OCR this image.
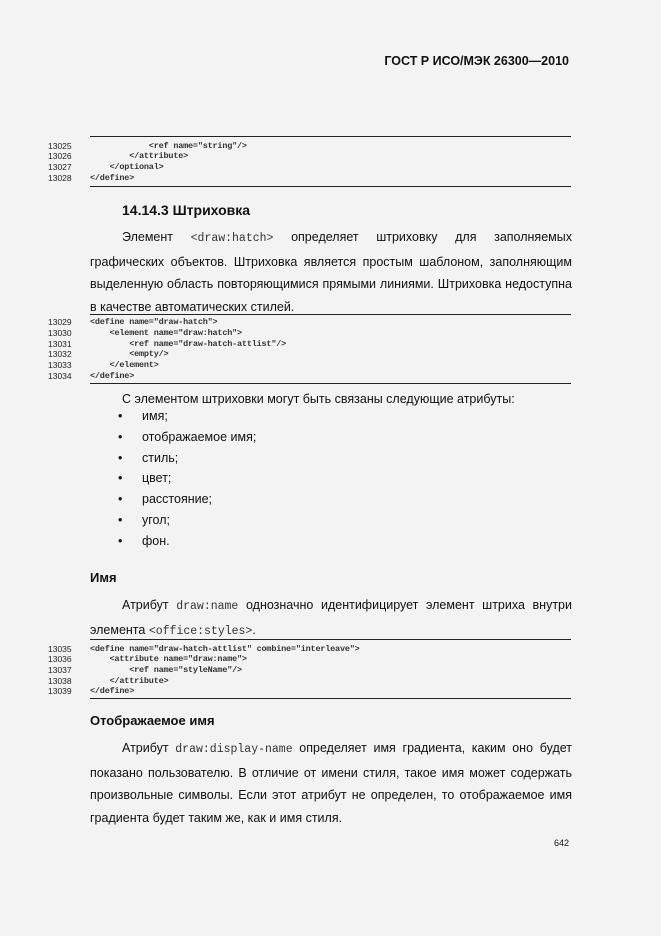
ГОСТ Р ИСО/МЭК 26300—2010
13025	<ref name="string"/>
13026	</attribute>
13027	</optional>
13028	</define>
14.14.3 Штриховка
Элемент <draw:hatch> определяет штриховку для заполняемых графических объектов. Штриховка является простым шаблоном, заполняющим выделенную область повторяющимися прямыми линиями. Штриховка недоступна в качестве автоматических стилей.
13029	<define name="draw-hatch">
13030	<element name="draw:hatch">
13031	<ref name="draw-hatch-attlist"/>
13032	<empty/>
13033	</element>
13034	</define>
С элементом штриховки могут быть связаны следующие атрибуты:
• имя;
• отображаемое имя;
• стиль;
• цвет;
• расстояние;
• угол;
• фон.
Имя
Атрибут draw:name однозначно идентифицирует элемент штриха внутри элемента <office:styles>.
13035	<define name="draw-hatch-attlist" combine="interleave">
13036	<attribute name="draw:name">
13037	<ref name="styleName"/>
13038	</attribute>
13039	</define>
Отображаемое имя
Атрибут draw:display-name определяет имя градиента, каким оно будет показано пользователю. В отличие от имени стиля, такое имя может содержать произвольные символы. Если этот атрибут не определен, то отображаемое имя градиента будет таким же, как и имя стиля.
642
